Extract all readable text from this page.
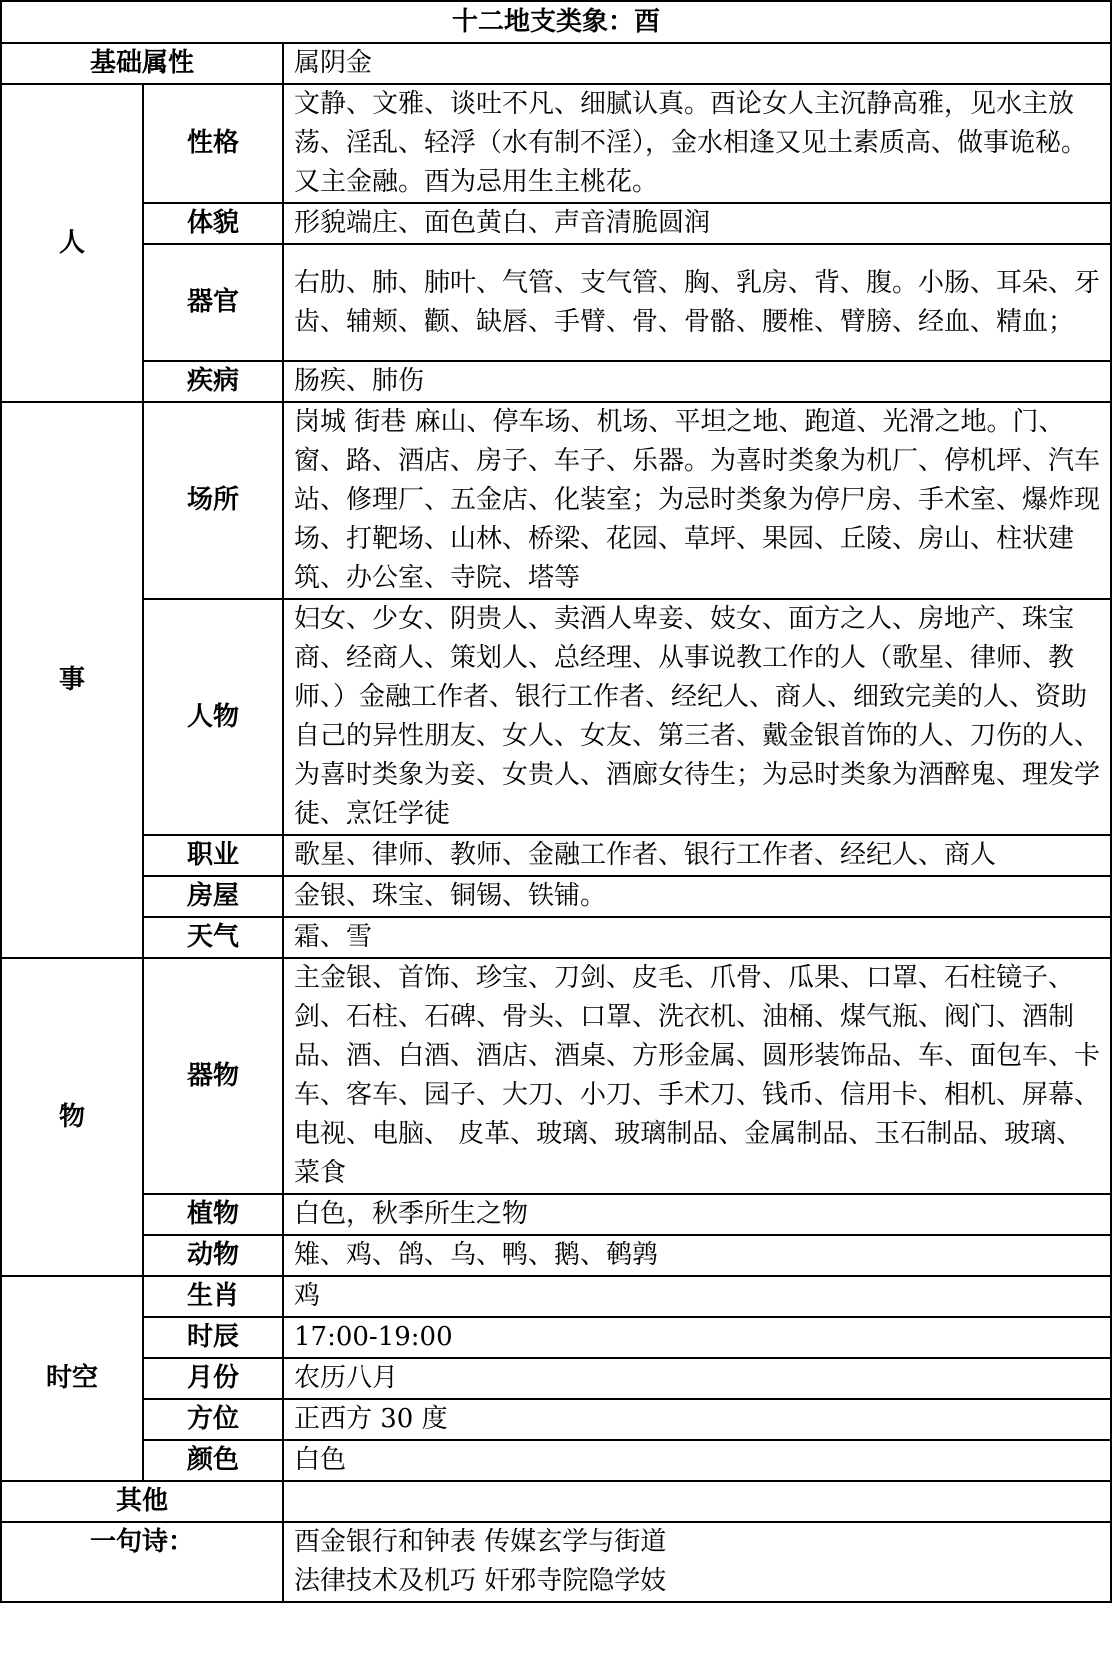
十二地支类象：酉		
基础属性		属阴金
人	性格	文静、文雅、谈吐不凡、细腻认真。酉论女人主沉静高雅，见水主放荡、淫乱、轻浮（水有制不淫），金水相逢又见土素质高、做事诡秘。又主金融。酉为忌用生主桃花。
	体貌	形貌端庄、面色黄白、声音清脆圆润
	器官	右肋、肺、肺叶、气管、支气管、胸、乳房、背、腹。小肠、耳朵、牙齿、辅颊、颧、缺唇、手臂、骨、骨骼、腰椎、臂膀、经血、精血；
	疾病	肠疾、肺伤
事	场所	岗城 街巷 麻山、停车场、机场、平坦之地、跑道、光滑之地。门、窗、路、酒店、房子、车子、乐器。为喜时类象为机厂、停机坪、汽车站、修理厂、五金店、化装室；为忌时类象为停尸房、手术室、爆炸现场、打靶场、山林、桥梁、花园、草坪、果园、丘陵、房山、柱状建筑、办公室、寺院、塔等
	人物	妇女、少女、阴贵人、卖酒人卑妾、妓女、面方之人、房地产、珠宝商、经商人、策划人、总经理、从事说教工作的人（歌星、律师、教师、）金融工作者、银行工作者、经纪人、商人、细致完美的人、资助自己的异性朋友、女人、女友、第三者、戴金银首饰的人、刀伤的人、为喜时类象为妾、女贵人、酒廊女待生；为忌时类象为酒醉鬼、理发学徒、烹饪学徒
	职业	歌星、律师、教师、金融工作者、银行工作者、经纪人、商人
	房屋	金银、珠宝、铜锡、铁铺。
	天气	霜、雪
物	器物	主金银、首饰、珍宝、刀剑、皮毛、爪骨、瓜果、口罩、石柱镜子、剑、石柱、石碑、骨头、口罩、洗衣机、油桶、煤气瓶、阀门、酒制品、酒、白酒、酒店、酒桌、方形金属、圆形装饰品、车、面包车、卡车、客车、园子、大刀、小刀、手术刀、钱币、信用卡、相机、屏幕、电视、电脑、 皮革、玻璃、玻璃制品、金属制品、玉石制品、玻璃、菜食
	植物	白色，秋季所生之物
	动物	雉、鸡、鸽、乌、鸭、鹅、鹌鹑
时空	生肖	鸡
	时辰	17:00-19:00
	月份	农历八月
	方位	正西方 30 度
	颜色	白色
其他		
一句诗：		酉金银行和钟表 传媒玄学与街道
法律技术及机巧 奸邪寺院隐学妓
